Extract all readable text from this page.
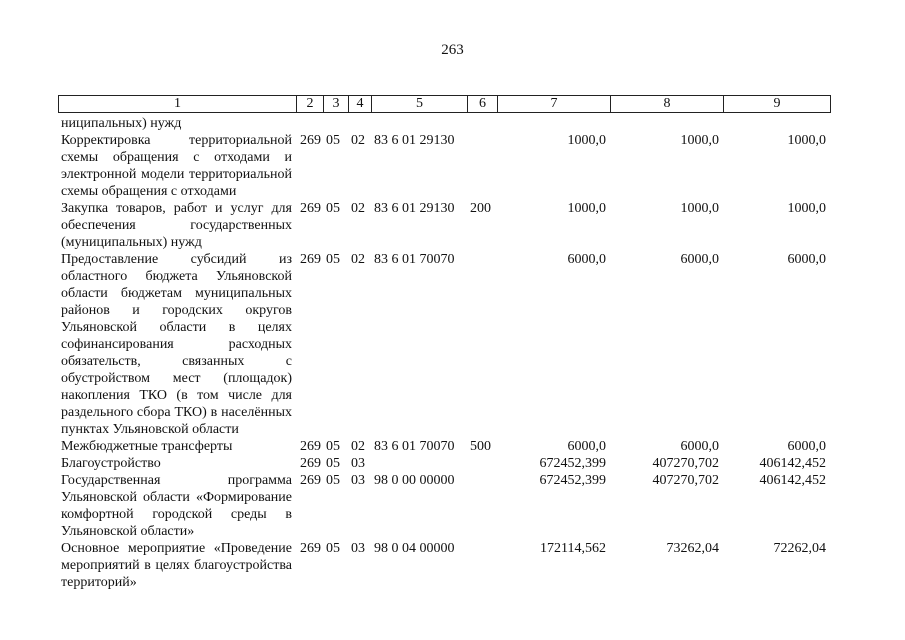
263
1	2	3	4	5	6	7	8	9
ниципальных) нужд								
Корректировка территориальной схемы обращения с отходами и электронной модели территориальной схемы обращения с отходами	269	05	02	83 6 01 29130		1000,0	1000,0	1000,0
Закупка товаров, работ и услуг для обеспечения государственных (муниципальных) нужд	269	05	02	83 6 01 29130	200	1000,0	1000,0	1000,0
Предоставление субсидий из областного бюджета Ульяновской области бюджетам муниципальных районов и городских округов Ульяновской области в целях софинансирования расходных обязательств, связанных с обустройством мест (площадок) накопления ТКО (в том числе для раздельного сбора ТКО) в населённых пунктах Ульяновской области	269	05	02	83 6 01 70070		6000,0	6000,0	6000,0
Межбюджетные трансферты	269	05	02	83 6 01 70070	500	6000,0	6000,0	6000,0
Благоустройство	269	05	03			672452,399	407270,702	406142,452
Государственная программа Ульяновской области «Формирование комфортной городской среды в Ульяновской области»	269	05	03	98 0 00 00000		672452,399	407270,702	406142,452
Основное мероприятие «Проведение мероприятий в целях благоустройства территорий»	269	05	03	98 0 04 00000		172114,562	73262,04	72262,04
